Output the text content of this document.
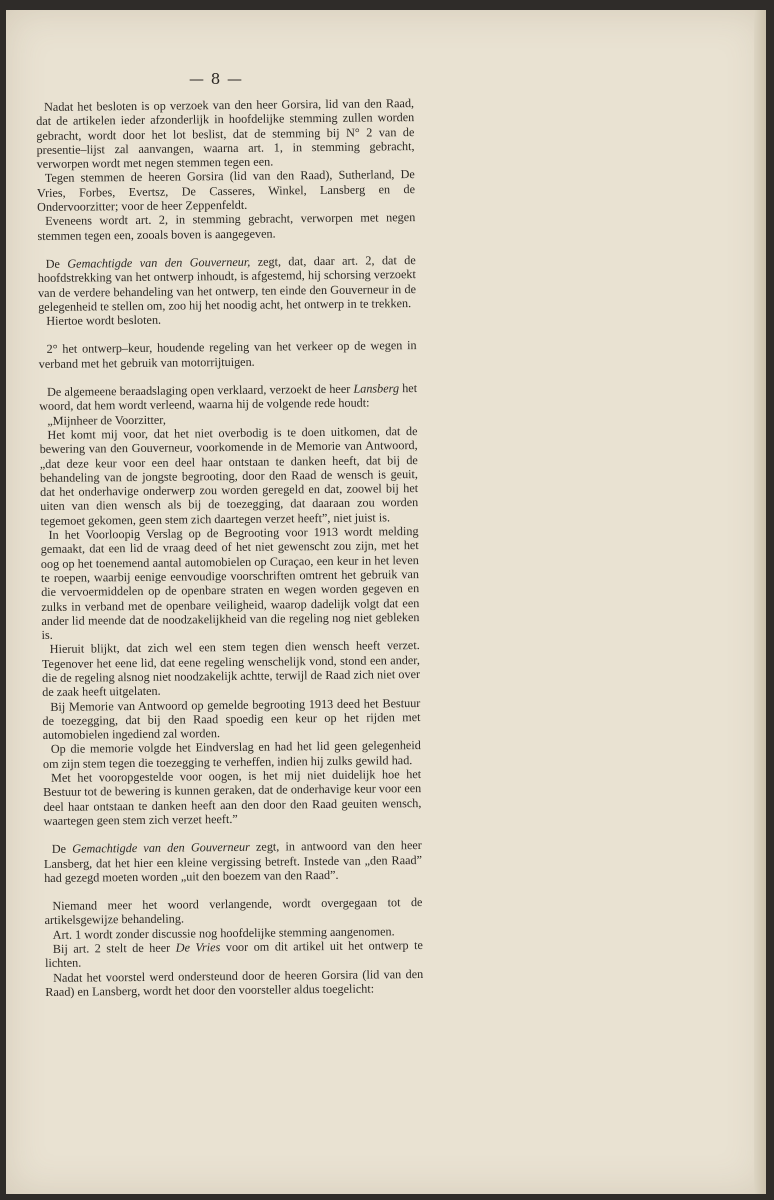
— 8 —

Nadat het besloten is op verzoek van den heer Gorsira, lid van den Raad, dat de artikelen ieder afzonderlijk in hoofdelijke stemming zullen worden gebracht, wordt door het lot beslist, dat de stemming bij N° 2 van de presentie–lijst zal aanvangen, waarna art. 1, in stemming gebracht, verworpen wordt met negen stemmen tegen een.

Tegen stemmen de heeren Gorsira (lid van den Raad), Sutherland, De Vries, Forbes, Evertsz, De Casseres, Winkel, Lansberg en de Ondervoorzitter; voor de heer Zeppenfeldt.

Eveneens wordt art. 2, in stemming gebracht, verworpen met negen stemmen tegen een, zooals boven is aangegeven.

De Gemachtigde van den Gouverneur, zegt, dat, daar art. 2, dat de hoofdstrekking van het ontwerp inhoudt, is afgestemd, hij schorsing verzoekt van de verdere behandeling van het ontwerp, ten einde den Gouverneur in de gelegenheid te stellen om, zoo hij het noodig acht, het ontwerp in te trekken.

Hiertoe wordt besloten.

2° het ontwerp–keur, houdende regeling van het verkeer op de wegen in verband met het gebruik van motorrijtuigen.

De algemeene beraadslaging open verklaard, verzoekt de heer Lansberg het woord, dat hem wordt verleend, waarna hij de volgende rede houdt:

„Mijnheer de Voorzitter,

Het komt mij voor, dat het niet overbodig is te doen uitkomen, dat de bewering van den Gouverneur, voorkomende in de Memorie van Antwoord, „dat deze keur voor een deel haar ontstaan te danken heeft, dat bij de behandeling van de jongste begrooting, door den Raad de wensch is geuit, dat het onderhavige onderwerp zou worden geregeld en dat, zoowel bij het uiten van dien wensch als bij de toezegging, dat daaraan zou worden tegemoet gekomen, geen stem zich daartegen verzet heeft”, niet juist is.

In het Voorloopig Verslag op de Begrooting voor 1913 wordt melding gemaakt, dat een lid de vraag deed of het niet gewenscht zou zijn, met het oog op het toenemend aantal automobielen op Curaçao, een keur in het leven te roepen, waarbij eenige eenvoudige voorschriften omtrent het gebruik van die vervoermiddelen op de openbare straten en wegen worden gegeven en zulks in verband met de openbare veiligheid, waarop dadelijk volgt dat een ander lid meende dat de noodzakelijkheid van die regeling nog niet gebleken is.

Hieruit blijkt, dat zich wel een stem tegen dien wensch heeft verzet. Tegenover het eene lid, dat eene regeling wenschelijk vond, stond een ander, die de regeling alsnog niet noodzakelijk achtte, terwijl de Raad zich niet over de zaak heeft uitgelaten.

Bij Memorie van Antwoord op gemelde begrooting 1913 deed het Bestuur de toezegging, dat bij den Raad spoedig een keur op het rijden met automobielen ingediend zal worden.

Op die memorie volgde het Eindverslag en had het lid geen gelegenheid om zijn stem tegen die toezegging te verheffen, indien hij zulks gewild had.

Met het vooropgestelde voor oogen, is het mij niet duidelijk hoe het Bestuur tot de bewering is kunnen geraken, dat de onderhavige keur voor een deel haar ontstaan te danken heeft aan den door den Raad geuiten wensch, waartegen geen stem zich verzet heeft.”

De Gemachtigde van den Gouverneur zegt, in antwoord van den heer Lansberg, dat het hier een kleine vergissing betreft. Instede van „den Raad” had gezegd moeten worden „uit den boezem van den Raad”.

Niemand meer het woord verlangende, wordt overgegaan tot de artikelsgewijze behandeling.

Art. 1 wordt zonder discussie nog hoofdelijke stemming aangenomen.

Bij art. 2 stelt de heer De Vries voor om dit artikel uit het ontwerp te lichten.

Nadat het voorstel werd ondersteund door de heeren Gorsira (lid van den Raad) en Lansberg, wordt het door den voorsteller aldus toegelicht:
